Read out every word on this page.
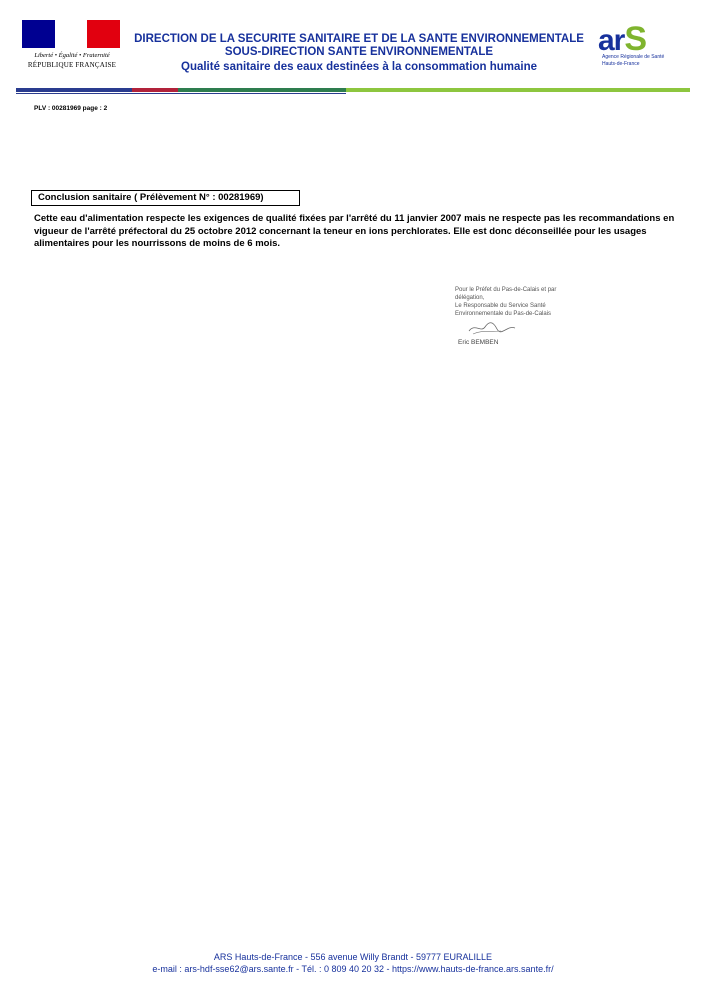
Liberté • Égalité • Fraternité
RÉPUBLIQUE FRANÇAISE
DIRECTION DE LA SECURITE SANITAIRE ET DE LA SANTE ENVIRONNEMENTALE
SOUS-DIRECTION SANTE ENVIRONNEMENTALE
Qualité sanitaire des eaux destinées à la consommation humaine
arS
Agence Régionale de Santé
Hauts-de-France
PLV : 00281969 page : 2
Conclusion sanitaire ( Prélèvement N° : 00281969)
Cette eau d'alimentation respecte les exigences de qualité fixées par l'arrêté du 11 janvier 2007 mais ne respecte pas les recommandations en vigueur de l'arrêté préfectoral du 25 octobre 2012 concernant la teneur en ions perchlorates. Elle est donc déconseillée pour les usages alimentaires pour les nourrissons de moins de 6 mois.
Pour le Préfet du Pas-de-Calais et par
délégation,
Le Responsable du Service Santé
Environnementale du Pas-de-Calais
Eric BEMBEN
ARS Hauts-de-France - 556 avenue Willy Brandt - 59777 EURALILLE
e-mail : ars-hdf-sse62@ars.sante.fr - Tél. : 0 809 40 20 32 - https://www.hauts-de-france.ars.sante.fr/
